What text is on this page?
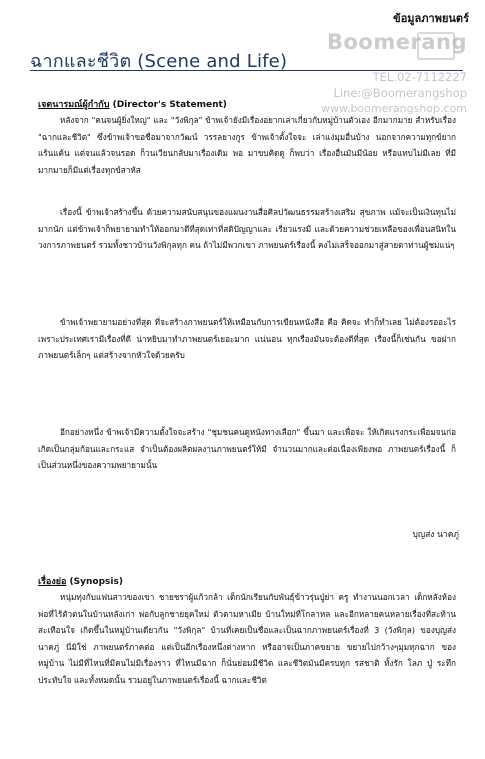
ข้อมูลภาพยนตร์
Boomerang
ฉากและชีวิต (Scene and Life)
TEL.02-7112227
Line:@Boomerangshop
www.boomerangshop.com
เจตนารมณ์ผู้กำกับ (Director's Statement)

หลังจาก "คนจนผู้ยิ่งใหญ่" และ "วังพิกุล" ข้าพเจ้ายังมีเรื่องอยากเล่าเกี่ยวกับหมู่บ้านตัวเอง อีกมากมาย สำหรับเรื่อง "ฉากและชีวิต" ซึ่งข้าพเจ้าขอชื่อมาจากวัฒน์ วรรลยางกูร ข้าพเจ้าตั้งใจจะ เล่าแง่มุมอื่นบ้าง นอกจากความทุกข์ยากแร้นแค้น แต่จนแล้วจนรอด ก็วนเวียนกลับมาเรื่องเดิม พอ มาขบคิดดู ก็พบว่า เรื่องอื่นมันมีน้อย หรือแทบไม่มีเลย ที่มีมากมายก็มีแต่เรื่องทุกข์สาหัส

เรื่องนี้ ข้าพเจ้าสร้างขึ้น ด้วยความสนับสนุนของแผนงานสื่อศิลปวัฒนธรรมสร้างเสริม สุขภาพ แม้จะเป็นเงินทุนไม่มากนัก แต่ข้าพเจ้าก็พยายามทำให้ออกมาดีที่สุดเท่าที่สติปัญญาและ เรี่ยวแรงมี และด้วยความช่วยเหลือของเพื่อนสนิทในวงการภาพยนตร์ รวมทั้งชาวบ้านวังพิกุลทุก คน ถ้าไม่มีพวกเขา ภาพยนตร์เรื่องนี้ คงไม่เสร็จออกมาสู่สายตาท่านผู้ชมแน่ๆ

ข้าพเจ้าพยายามอย่างที่สุด ที่จะสร้างภาพยนตร์ให้เหมือนกับการเขียนหนังสือ คือ คิดจะ ทำก็ทำเลย ไม่ต้องรออะไร เพราะประเทศเรามีเรื่องที่ดี น่าหยิบมาทำภาพยนตร์เยอะมาก แน่นอน ทุกเรื่องมันจะต้องดีที่สุด เรื่องนี้ก็เช่นกัน ขอฝากภาพยนตร์เล็กๆ แต่สร้างจากหัวใจด้วยครับ

อีกอย่างหนึ่ง ข้าพเจ้ามีความตั้งใจจะสร้าง "ชุมชนคนดูหนังทางเลือก" ขึ้นมา และเพื่อจะ ให้เกิดแรงกระเพื่อมจนก่อเกิดเป็นกลุ่มก้อนและกระแส จำเป็นต้องผลิตผลงานภาพยนตร์ให้มี จำนวนมากและต่อเนื่องเพียงพอ ภาพยนตร์เรื่องนี้ ก็เป็นส่วนหนึ่งของความพยายามนั้น

บุญส่ง นาคภู่
เรื่องย่อ (Synopsis)

หนุ่มทุ่งกับแฟนสาวของเขา ชายชราผู้แก้วกล้า เด็กนักเรียนกับพันธุ์ข้าวรุ่นปู่ย่า ครู ทำงานนอกเวลา เด็กหลังห้อง พ่อที่ไร้ตัวตนในบ้านหลังเก่า พ่อกับลูกชายยุคใหม่ ตัวตามหาเมีย บ้านใหม่ที่โกลาหล และอีกหลายคนหลายเรื่องที่สะท้านสะเทือนใจ เกิดขึ้นในหมู่บ้านเดียวกัน "วังพิกุล" บ้านที่เคยเป็นชื่อและเป็นฉากภาพยนตร์เรื่องที่ 3 (วังพิกุล) ของบุญส่ง นาคภู่ นี่มิใช่ ภาพยนตร์ภาคต่อ แต่เป็นอีกเรื่องหนึ่งต่างหาก หรืออาจเป็นภาคขยาย ขยายไปกว้างๆมุมทุกฉาก ของหมู่บ้าน ไม่มีที่ไหนที่มีคนไม่มีเรื่องราว ที่ไหนมีฉาก ก็นั่นย่อมมีชีวิต และชีวิตมันมีครบทุก รสชาติ ทั้งรัก โลภ ปู่ ระทึก ประทับใจ และทั้งหมดนั้น รวมอยู่ในภาพยนตร์เรื่องนี้ ฉากและชีวิต
